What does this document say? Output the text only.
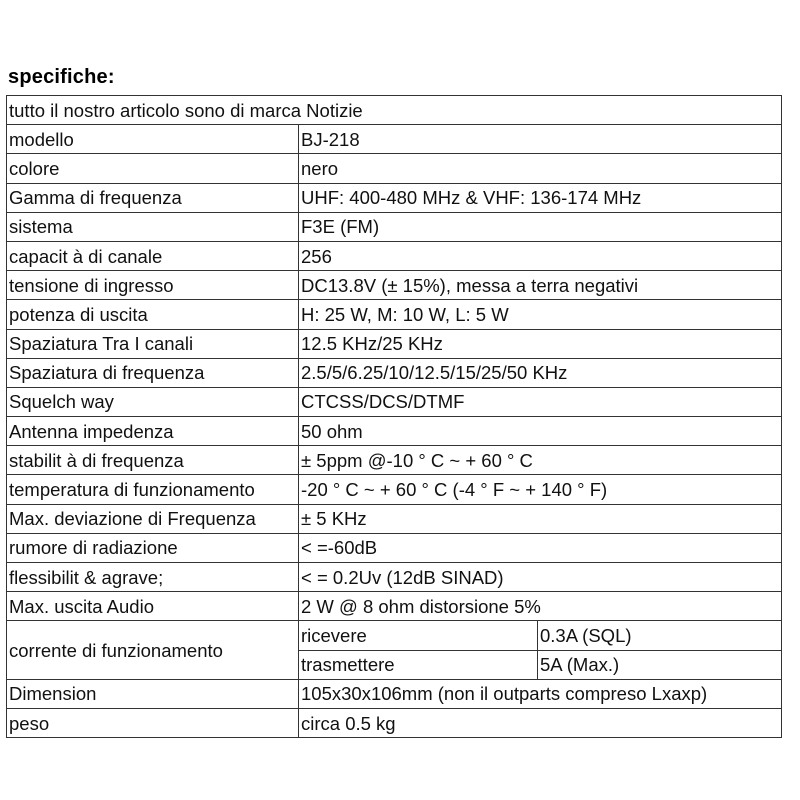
specifiche:
tutto il nostro articolo sono di marca Notizie		
modello	BJ-218	
colore	nero	
Gamma di frequenza	UHF: 400-480 MHz & VHF: 136-174 MHz	
sistema	F3E (FM)	
capacit à di canale	256	
tensione di ingresso	DC13.8V (± 15%), messa a terra negativi	
potenza di uscita	H: 25 W, M: 10 W, L: 5 W	
Spaziatura Tra I canali	12.5 KHz/25 KHz	
Spaziatura di frequenza	2.5/5/6.25/10/12.5/15/25/50 KHz	
Squelch way	CTCSS/DCS/DTMF	
Antenna impedenza	50 ohm	
stabilit à di frequenza	± 5ppm @-10 ° C ~ + 60 ° C	
temperatura di funzionamento	-20 ° C ~ + 60 ° C (-4 ° F ~ + 140 ° F)	
Max. deviazione di Frequenza	± 5 KHz	
rumore di radiazione	< =-60dB	
flessibilit & agrave;	< = 0.2Uv (12dB SINAD)	
Max. uscita Audio	2 W @ 8 ohm distorsione 5%	
corrente di funzionamento	ricevere	0.3A (SQL)
	trasmettere	5A (Max.)
Dimension	105x30x106mm (non il outparts compreso Lxaxp)	
peso	circa 0.5 kg	
